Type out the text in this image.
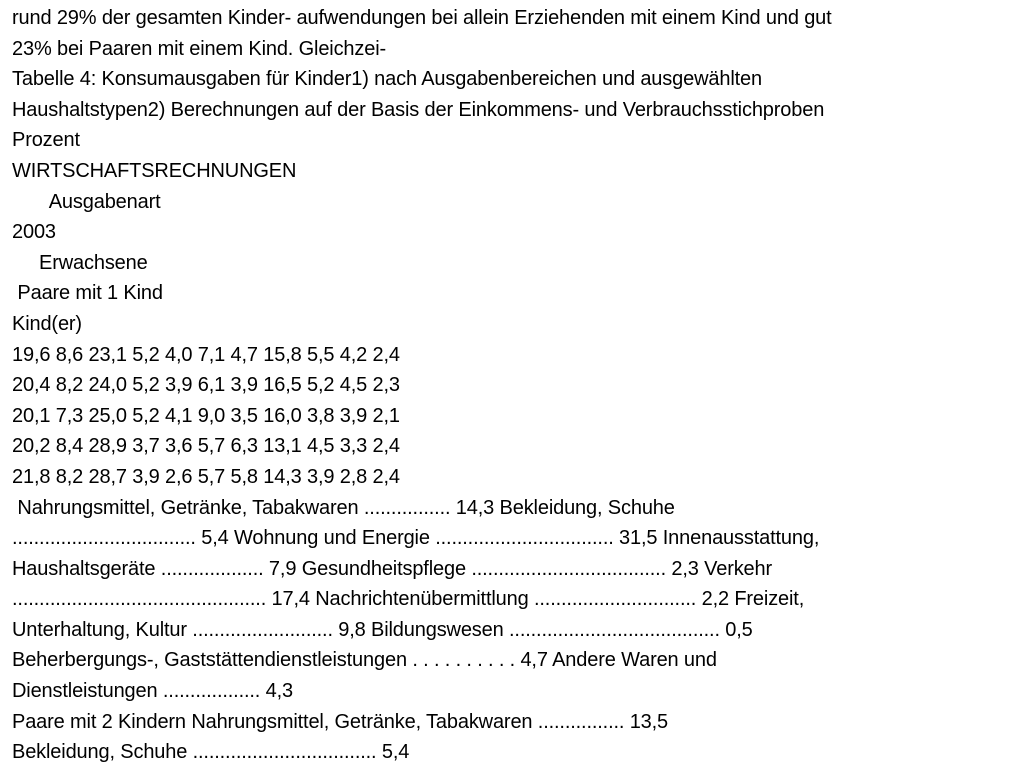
rund 29% der gesamten Kinder- aufwendungen bei allein Erziehenden mit einem Kind und gut
23% bei Paaren mit einem Kind. Gleichzei-
Tabelle 4: Konsumausgaben für Kinder1) nach Ausgabenbereichen und ausgewählten
Haushaltstypen2) Berechnungen auf der Basis der Einkommens- und Verbrauchsstichproben
Prozent
WIRTSCHAFTSRECHNUNGEN
Ausgabenart
2003
Erwachsene
Paare mit 1 Kind
Kind(er)
19,6 8,6 23,1 5,2 4,0 7,1 4,7 15,8 5,5 4,2 2,4
20,4 8,2 24,0 5,2 3,9 6,1 3,9 16,5 5,2 4,5 2,3
20,1 7,3 25,0 5,2 4,1 9,0 3,5 16,0 3,8 3,9 2,1
20,2 8,4 28,9 3,7 3,6 5,7 6,3 13,1 4,5 3,3 2,4
21,8 8,2 28,7 3,9 2,6 5,7 5,8 14,3 3,9 2,8 2,4
Nahrungsmittel, Getränke, Tabakwaren ................ 14,3 Bekleidung, Schuhe
.................................. 5,4 Wohnung und Energie ................................. 31,5 Innenausstattung,
Haushaltsgeräte ................... 7,9 Gesundheitspflege .................................... 2,3 Verkehr
............................................... 17,4 Nachrichtenübermittlung .............................. 2,2 Freizeit,
Unterhaltung, Kultur .......................... 9,8 Bildungswesen ....................................... 0,5
Beherbergungs-, Gaststättendienstleistungen . . . . . . . . . . 4,7 Andere Waren und
Dienstleistungen .................. 4,3
Paare mit 2 Kindern Nahrungsmittel, Getränke, Tabakwaren ................ 13,5
Bekleidung, Schuhe .................................. 5,4
